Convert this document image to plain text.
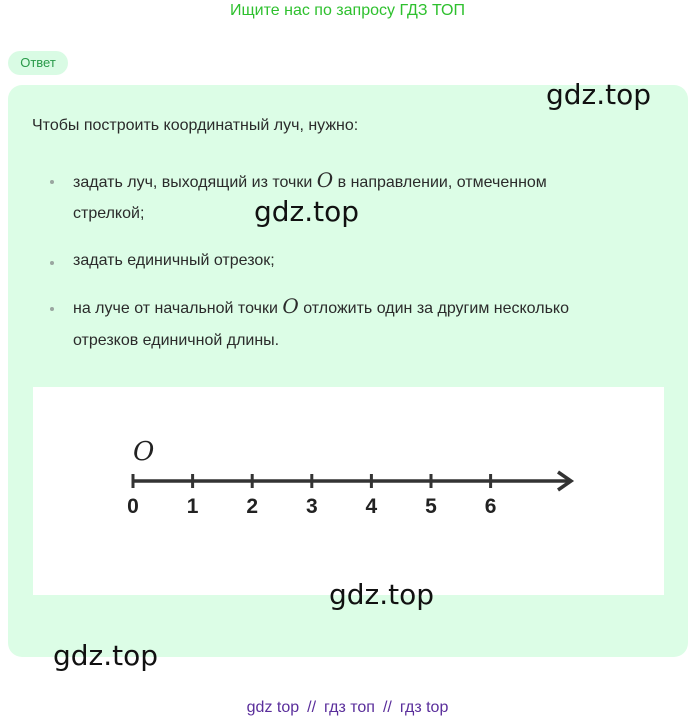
Ищите нас по запросу ГДЗ ТОП
Ответ
Чтобы построить координатный луч, нужно:
задать луч, выходящий из точки O в направлении, отмеченном
стрелкой;
задать единичный отрезок;
на луче от начальной точки O отложить один за другим несколько
отрезков единичной длины.
O
0 1 2 3 4 5 6
gdz.top
gdz.top
gdz.top
gdz.top
gdz top // гдз топ // гдз top
